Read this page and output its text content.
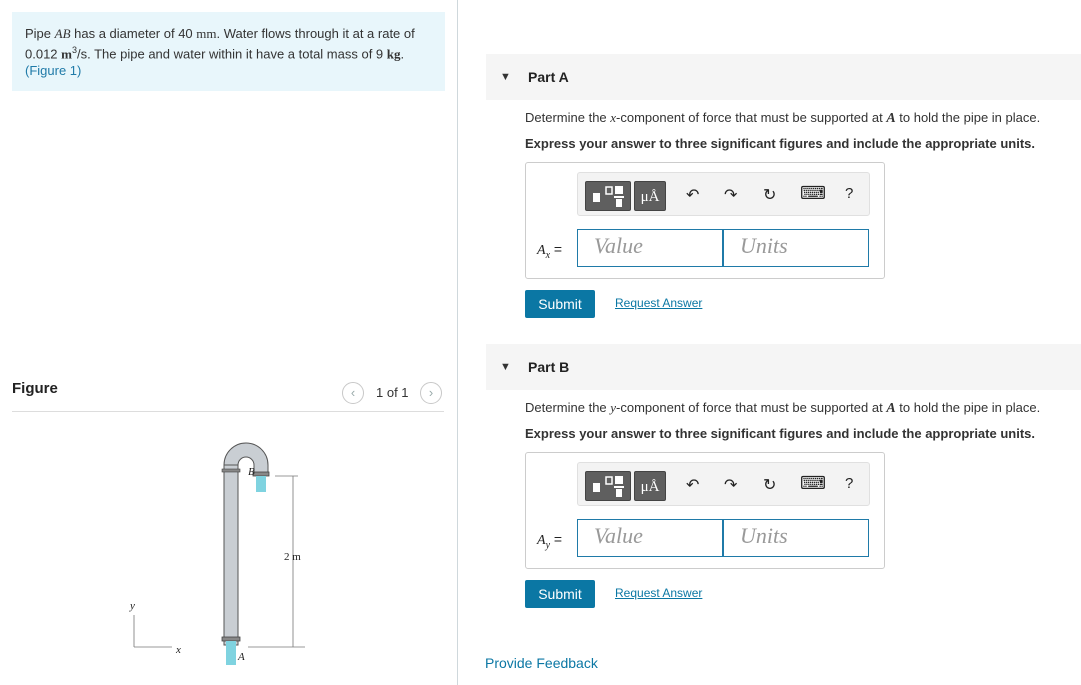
Pipe AB has a diameter of 40 mm. Water flows through it at a rate of
0.012 $m^3/s$. The pipe and water within it have a total mass of 9 kg.
(Figure 1)
Figure	‹	1 of 1	›
B
A
2 m
y
x
▼ Part A
Determine the x-component of force that must be supported at A to hold the pipe in place.
Express your answer to three significant figures and include the appropriate units.
μÅ	↶ ↷ ↻ ⌨ ?
$A_x$ =	Value	Units
Submit	Request Answer
▼ Part B
Determine the y-component of force that must be supported at A to hold the pipe in place.
Express your answer to three significant figures and include the appropriate units.
μÅ	↶ ↷ ↻ ⌨ ?
$A_y$ =	Value	Units
Submit	Request Answer
Provide Feedback
